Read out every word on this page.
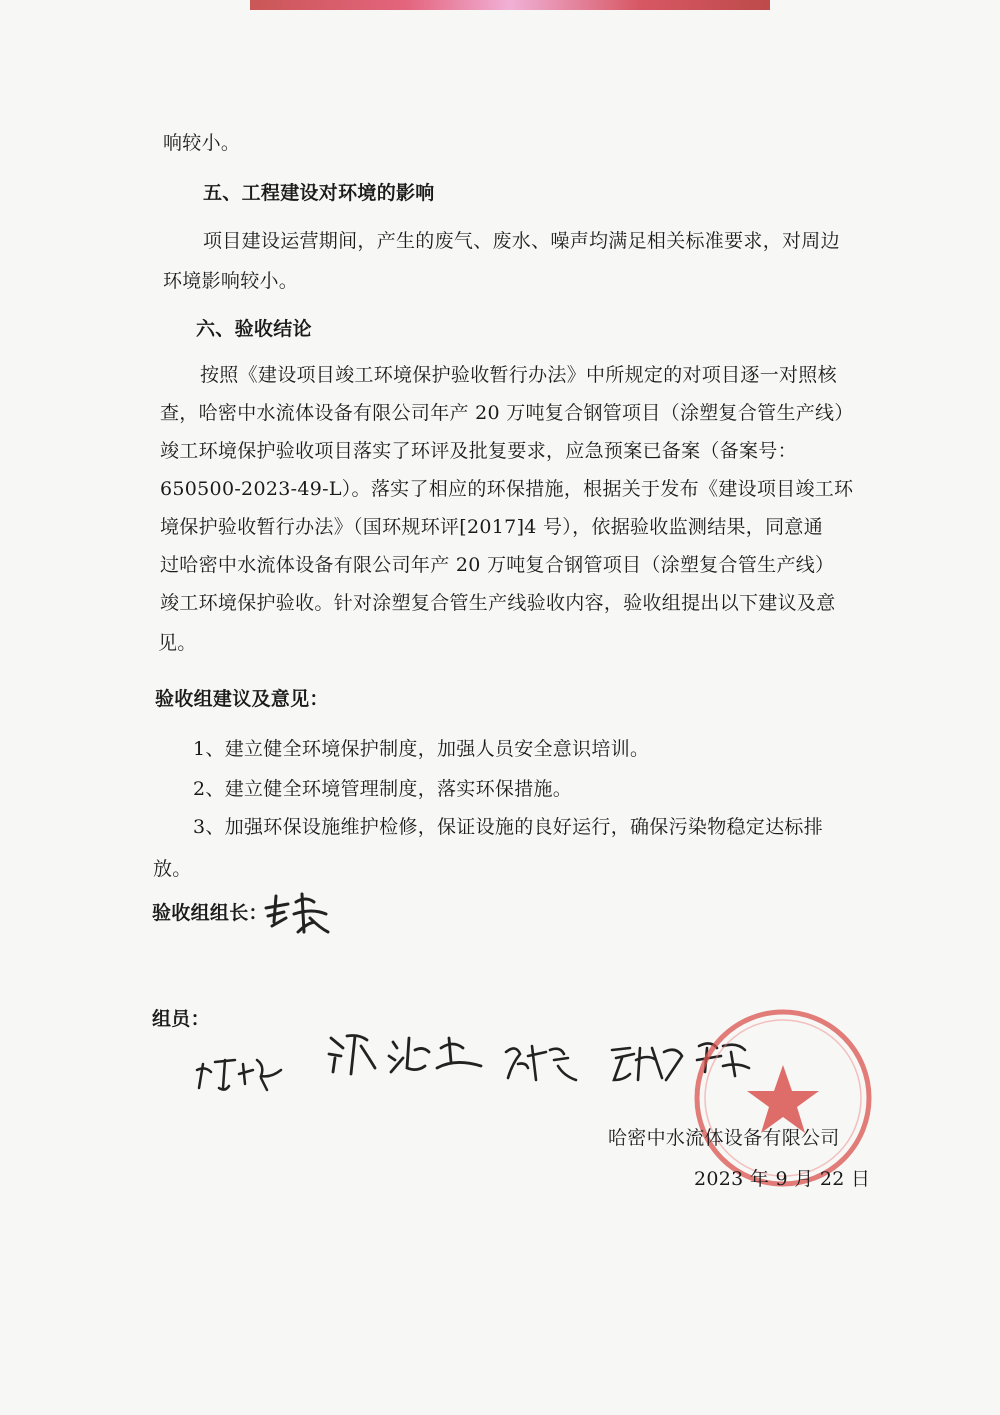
响较小。
五、工程建设对环境的影响
项目建设运营期间，产生的废气、废水、噪声均满足相关标准要求，对周边
环境影响较小。
六、验收结论
按照《建设项目竣工环境保护验收暂行办法》中所规定的对项目逐一对照核
查，哈密中水流体设备有限公司年产 20 万吨复合钢管项目（涂塑复合管生产线）
竣工环境保护验收项目落实了环评及批复要求，应急预案已备案（备案号：
650500-2023-49-L）。落实了相应的环保措施，根据关于发布《建设项目竣工环
境保护验收暂行办法》（国环规环评[2017]4 号），依据验收监测结果，同意通
过哈密中水流体设备有限公司年产 20 万吨复合钢管项目（涂塑复合管生产线）
竣工环境保护验收。针对涂塑复合管生产线验收内容，验收组提出以下建议及意
见。
验收组建议及意见：
1、建立健全环境保护制度，加强人员安全意识培训。
2、建立健全环境管理制度，落实环保措施。
3、加强环保设施维护检修，保证设施的良好运行，确保污染物稳定达标排
放。
验收组组长：
组员：
哈密中水流体设备有限公司
2023 年 9 月 22 日
